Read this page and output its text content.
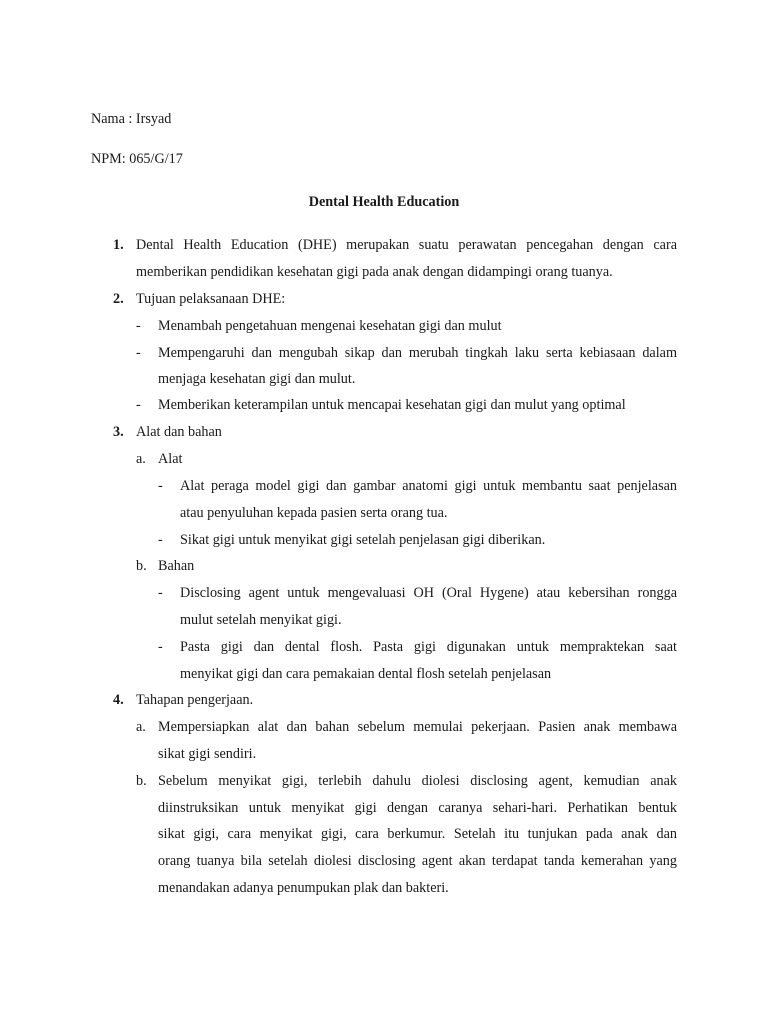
Nama : Irsyad
NPM: 065/G/17
Dental Health Education
1. Dental Health Education (DHE) merupakan suatu perawatan pencegahan dengan cara
memberikan pendidikan kesehatan gigi pada anak dengan didampingi orang tuanya.
2. Tujuan pelaksanaan DHE:
- Menambah pengetahuan mengenai kesehatan gigi dan mulut
- Mempengaruhi dan mengubah sikap dan merubah tingkah laku serta kebiasaan dalam
menjaga kesehatan gigi dan mulut.
- Memberikan keterampilan untuk mencapai kesehatan gigi dan mulut yang optimal
3. Alat dan bahan
a. Alat
- Alat peraga model gigi dan gambar anatomi gigi untuk membantu saat penjelasan
atau penyuluhan kepada pasien serta orang tua.
- Sikat gigi untuk menyikat gigi setelah penjelasan gigi diberikan.
b. Bahan
- Disclosing agent untuk mengevaluasi OH (Oral Hygene) atau kebersihan rongga
mulut setelah menyikat gigi.
- Pasta gigi dan dental flosh. Pasta gigi digunakan untuk mempraktekan saat
menyikat gigi dan cara pemakaian dental flosh setelah penjelasan
4. Tahapan pengerjaan.
a. Mempersiapkan alat dan bahan sebelum memulai pekerjaan. Pasien anak membawa
sikat gigi sendiri.
b. Sebelum menyikat gigi, terlebih dahulu diolesi disclosing agent, kemudian anak
diinstruksikan untuk menyikat gigi dengan caranya sehari-hari. Perhatikan bentuk
sikat gigi, cara menyikat gigi, cara berkumur. Setelah itu tunjukan pada anak dan
orang tuanya bila setelah diolesi disclosing agent akan terdapat tanda kemerahan yang
menandakan adanya penumpukan plak dan bakteri.
